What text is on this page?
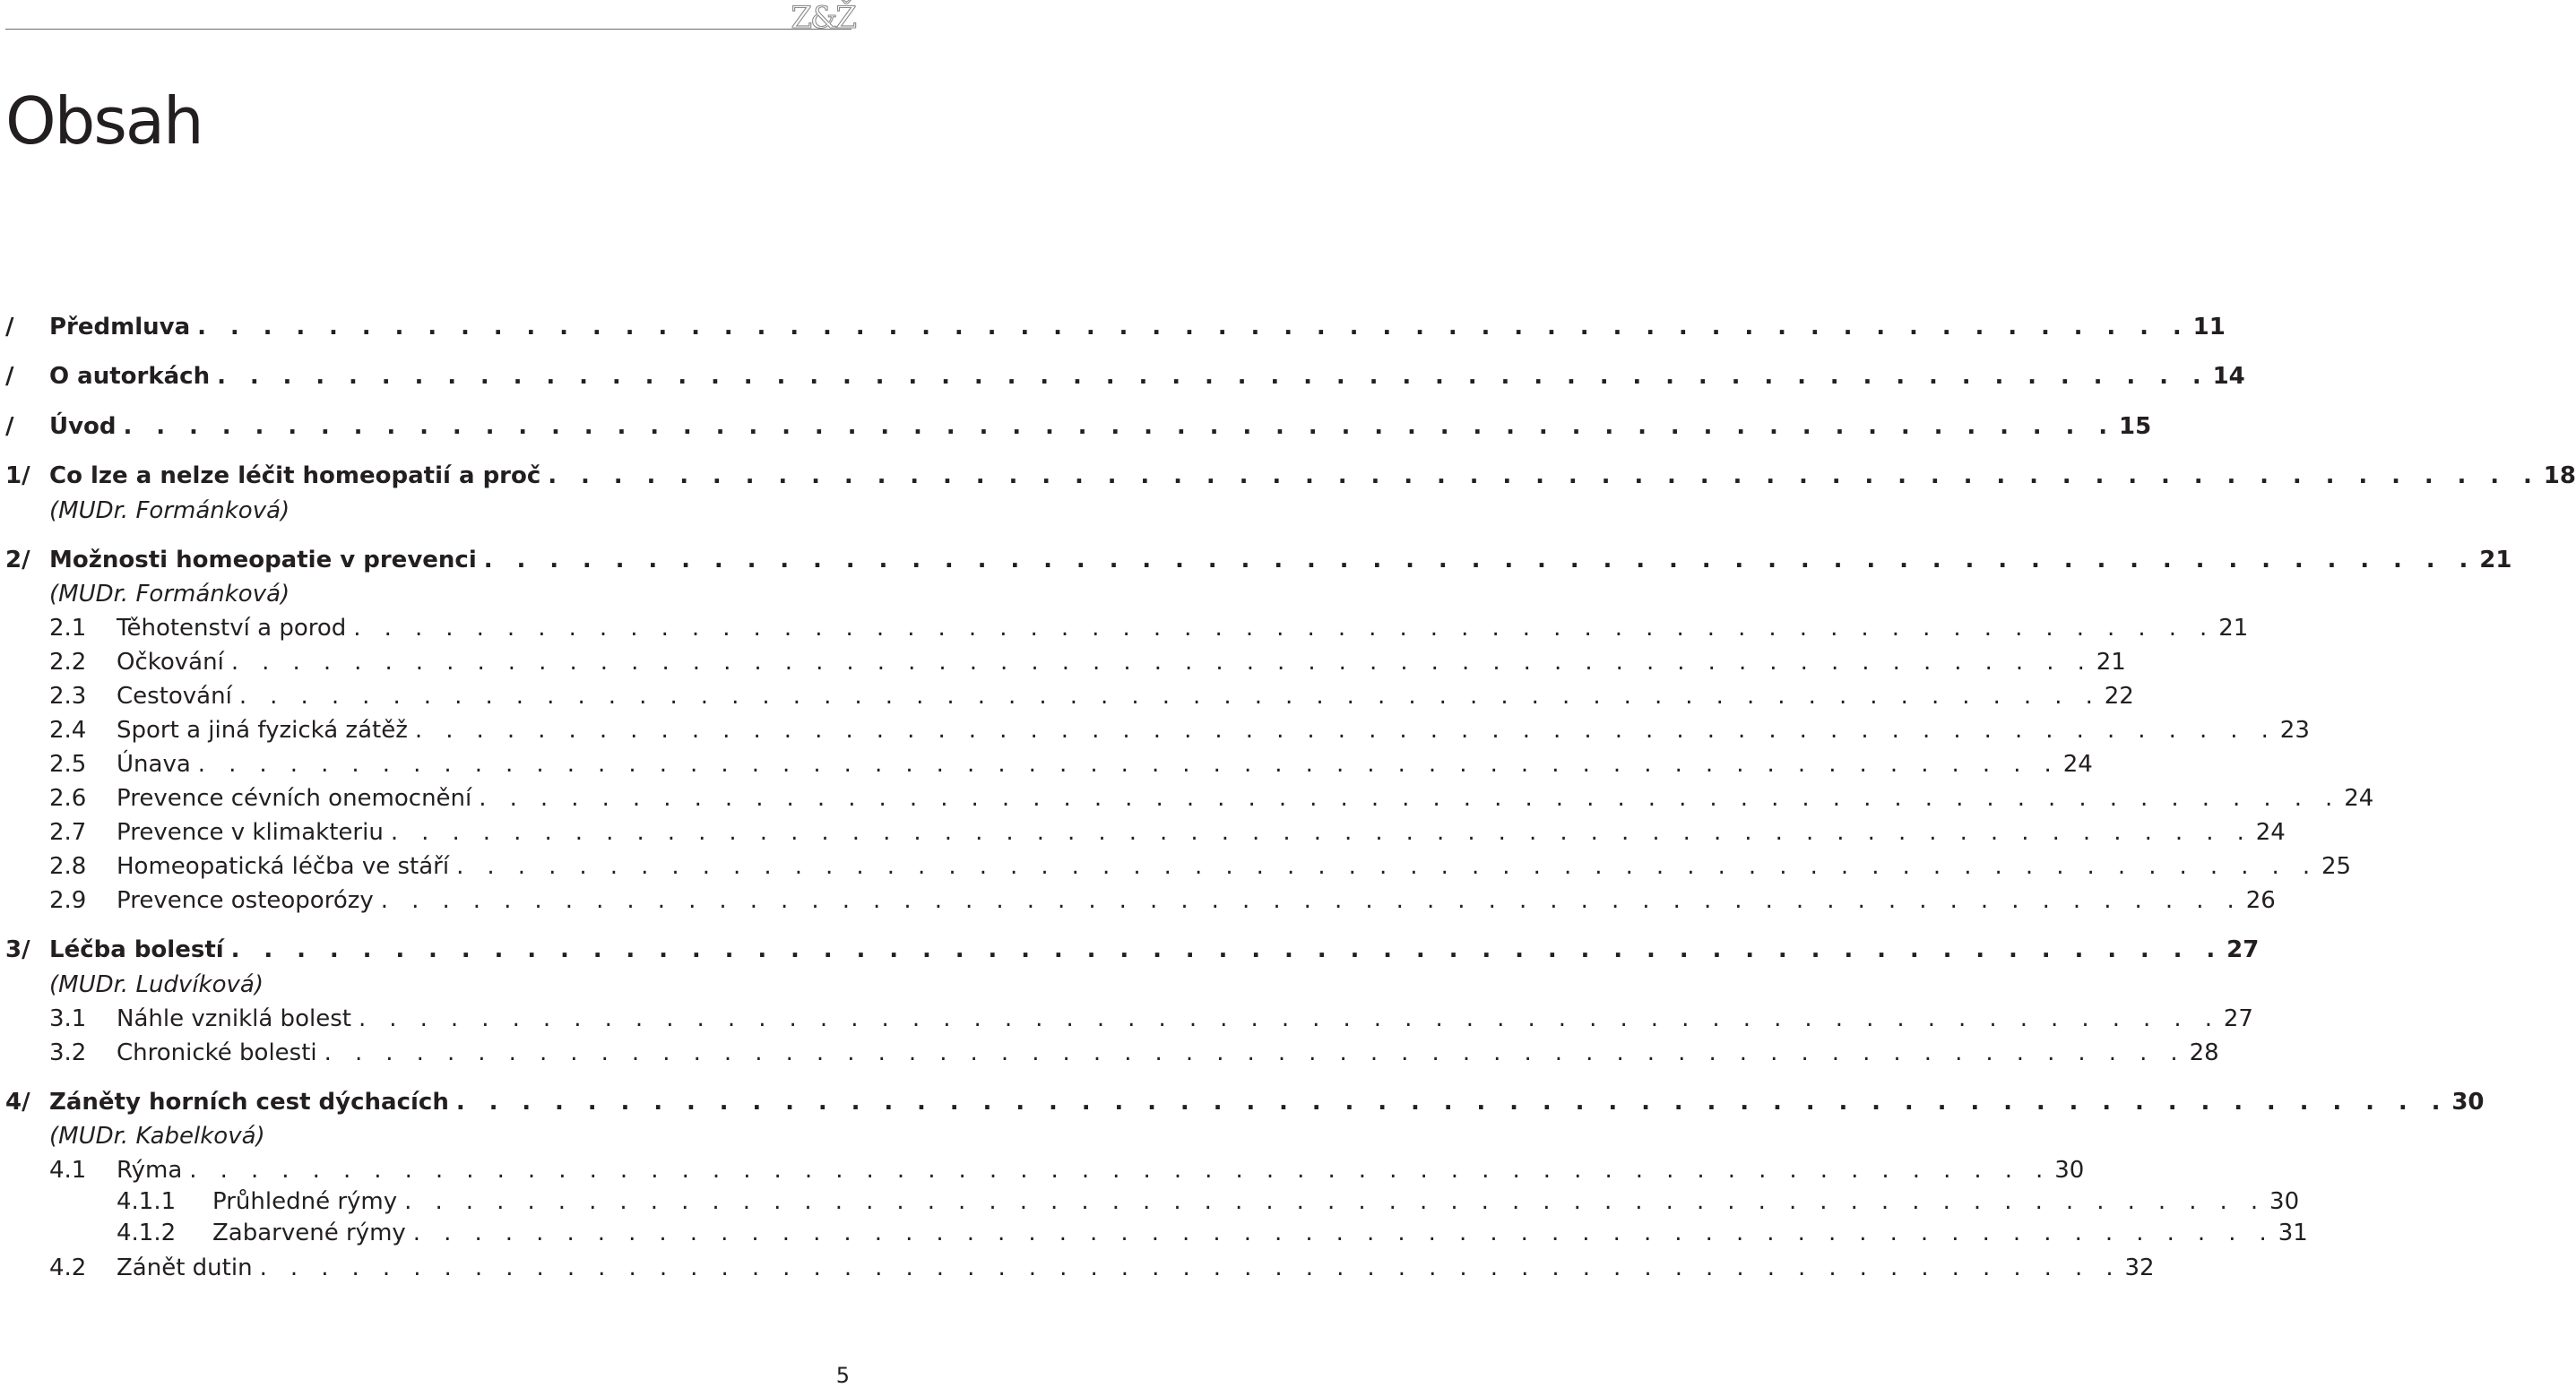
Z&Ž
Obsah
/ Předmluva . . . . . . . . . . . . . . . . . . . . . . . . . . . . . . . . . . . . . . . . . . . . . . . . . . . . . . . . . . . . . 11
/ O autorkách . . . . . . . . . . . . . . . . . . . . . . . . . . . . . . . . . . . . . . . . . . . . . . . . . . . . . . . . . . . . . 14
/ Úvod . . . . . . . . . . . . . . . . . . . . . . . . . . . . . . . . . . . . . . . . . . . . . . . . . . . . . . . . . . . . . 15
1/ Co lze a nelze léčit homeopatií a proč . . . . . . . . . . . . . . . . . . . . . . . . . . . . . . . . . . . . . . . . . . . . . . . . . . . . . . . . . . . . . 18
(MUDr. Formánková)
2/ Možnosti homeopatie v prevenci . . . . . . . . . . . . . . . . . . . . . . . . . . . . . . . . . . . . . . . . . . . . . . . . . . . . . . . . . . . . . 21
(MUDr. Formánková)
2.1 Těhotenství a porod . . . . . . . . . . . . . . . . . . . . . . . . . . . . . . . . . . . . . . . . . . . . . . . . . . . . . . . . . . . . . 21
2.2 Očkování . . . . . . . . . . . . . . . . . . . . . . . . . . . . . . . . . . . . . . . . . . . . . . . . . . . . . . . . . . . . . 21
2.3 Cestování . . . . . . . . . . . . . . . . . . . . . . . . . . . . . . . . . . . . . . . . . . . . . . . . . . . . . . . . . . . . . 22
2.4 Sport a jiná fyzická zátěž . . . . . . . . . . . . . . . . . . . . . . . . . . . . . . . . . . . . . . . . . . . . . . . . . . . . . . . . . . . . . 23
2.5 Únava . . . . . . . . . . . . . . . . . . . . . . . . . . . . . . . . . . . . . . . . . . . . . . . . . . . . . . . . . . . . . 24
2.6 Prevence cévních onemocnění . . . . . . . . . . . . . . . . . . . . . . . . . . . . . . . . . . . . . . . . . . . . . . . . . . . . . . . . . . . . . 24
2.7 Prevence v klimakteriu . . . . . . . . . . . . . . . . . . . . . . . . . . . . . . . . . . . . . . . . . . . . . . . . . . . . . . . . . . . . . 24
2.8 Homeopatická léčba ve stáří . . . . . . . . . . . . . . . . . . . . . . . . . . . . . . . . . . . . . . . . . . . . . . . . . . . . . . . . . . . . . 25
2.9 Prevence osteoporózy . . . . . . . . . . . . . . . . . . . . . . . . . . . . . . . . . . . . . . . . . . . . . . . . . . . . . . . . . . . . . 26
3/ Léčba bolestí . . . . . . . . . . . . . . . . . . . . . . . . . . . . . . . . . . . . . . . . . . . . . . . . . . . . . . . . . . . . . 27
(MUDr. Ludvíková)
3.1 Náhle vzniklá bolest . . . . . . . . . . . . . . . . . . . . . . . . . . . . . . . . . . . . . . . . . . . . . . . . . . . . . . . . . . . . . 27
3.2 Chronické bolesti . . . . . . . . . . . . . . . . . . . . . . . . . . . . . . . . . . . . . . . . . . . . . . . . . . . . . . . . . . . . . 28
4/ Záněty horních cest dýchacích . . . . . . . . . . . . . . . . . . . . . . . . . . . . . . . . . . . . . . . . . . . . . . . . . . . . . . . . . . . . . 30
(MUDr. Kabelková)
4.1 Rýma . . . . . . . . . . . . . . . . . . . . . . . . . . . . . . . . . . . . . . . . . . . . . . . . . . . . . . . . . . . . . 30
4.1.1 Průhledné rýmy . . . . . . . . . . . . . . . . . . . . . . . . . . . . . . . . . . . . . . . . . . . . . . . . . . . . . . . . . . . . . 30
4.1.2 Zabarvené rýmy . . . . . . . . . . . . . . . . . . . . . . . . . . . . . . . . . . . . . . . . . . . . . . . . . . . . . . . . . . . . . 31
4.2 Zánět dutin . . . . . . . . . . . . . . . . . . . . . . . . . . . . . . . . . . . . . . . . . . . . . . . . . . . . . . . . . . . . . 32
5
